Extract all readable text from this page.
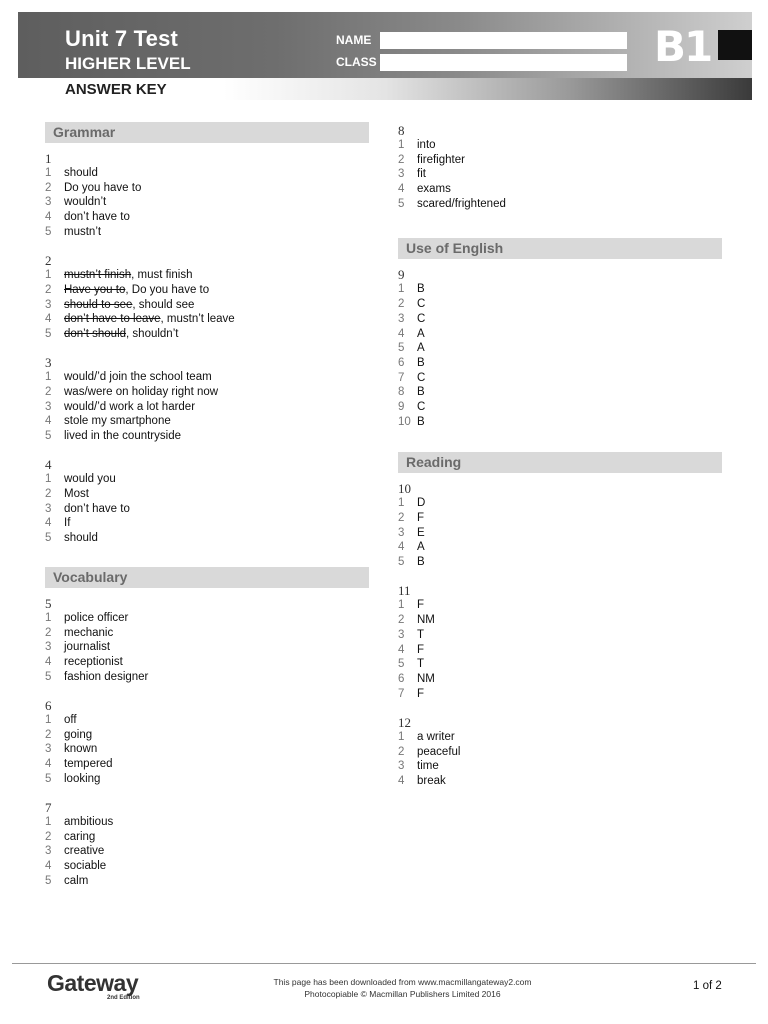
Unit 7 Test
HIGHER LEVEL
ANSWER KEY
NAME
CLASS	B1
Grammar
1
1	should
2	Do you have to
3	wouldn’t
4	don’t have to
5	mustn’t
2
1	mustn’t finish, must finish
2	Have you to, Do you have to
3	should to see, should see
4	don’t have to leave, mustn’t leave
5	don’t should, shouldn’t
3
1	would/’d join the school team
2	was/were on holiday right now
3	would/’d work a lot harder
4	stole my smartphone
5	lived in the countryside
4
1	would you
2	Most
3	don’t have to
4	If
5	should
Vocabulary
5
1	police officer
2	mechanic
3	journalist
4	receptionist
5	fashion designer
6
1	off
2	going
3	known
4	tempered
5	looking
7
1	ambitious
2	caring
3	creative
4	sociable
5	calm
8
1	into
2	firefighter
3	fit
4	exams
5	scared/frightened
Use of English
9
1	B
2	C
3	C
4	A
5	A
6	B
7	C
8	B
9	C
10 B
Reading
10
1	D
2	F
3	E
4	A
5	B
11
1	F
2	NM
3	T
4	F
5	T
6	NM
7	F
12
1	a writer
2	peaceful
3	time
4	break
Gateway
2nd Edition
This page has been downloaded from www.macmillangateway2.com
Photocopiable © Macmillan Publishers Limited 2016
1 of 2
